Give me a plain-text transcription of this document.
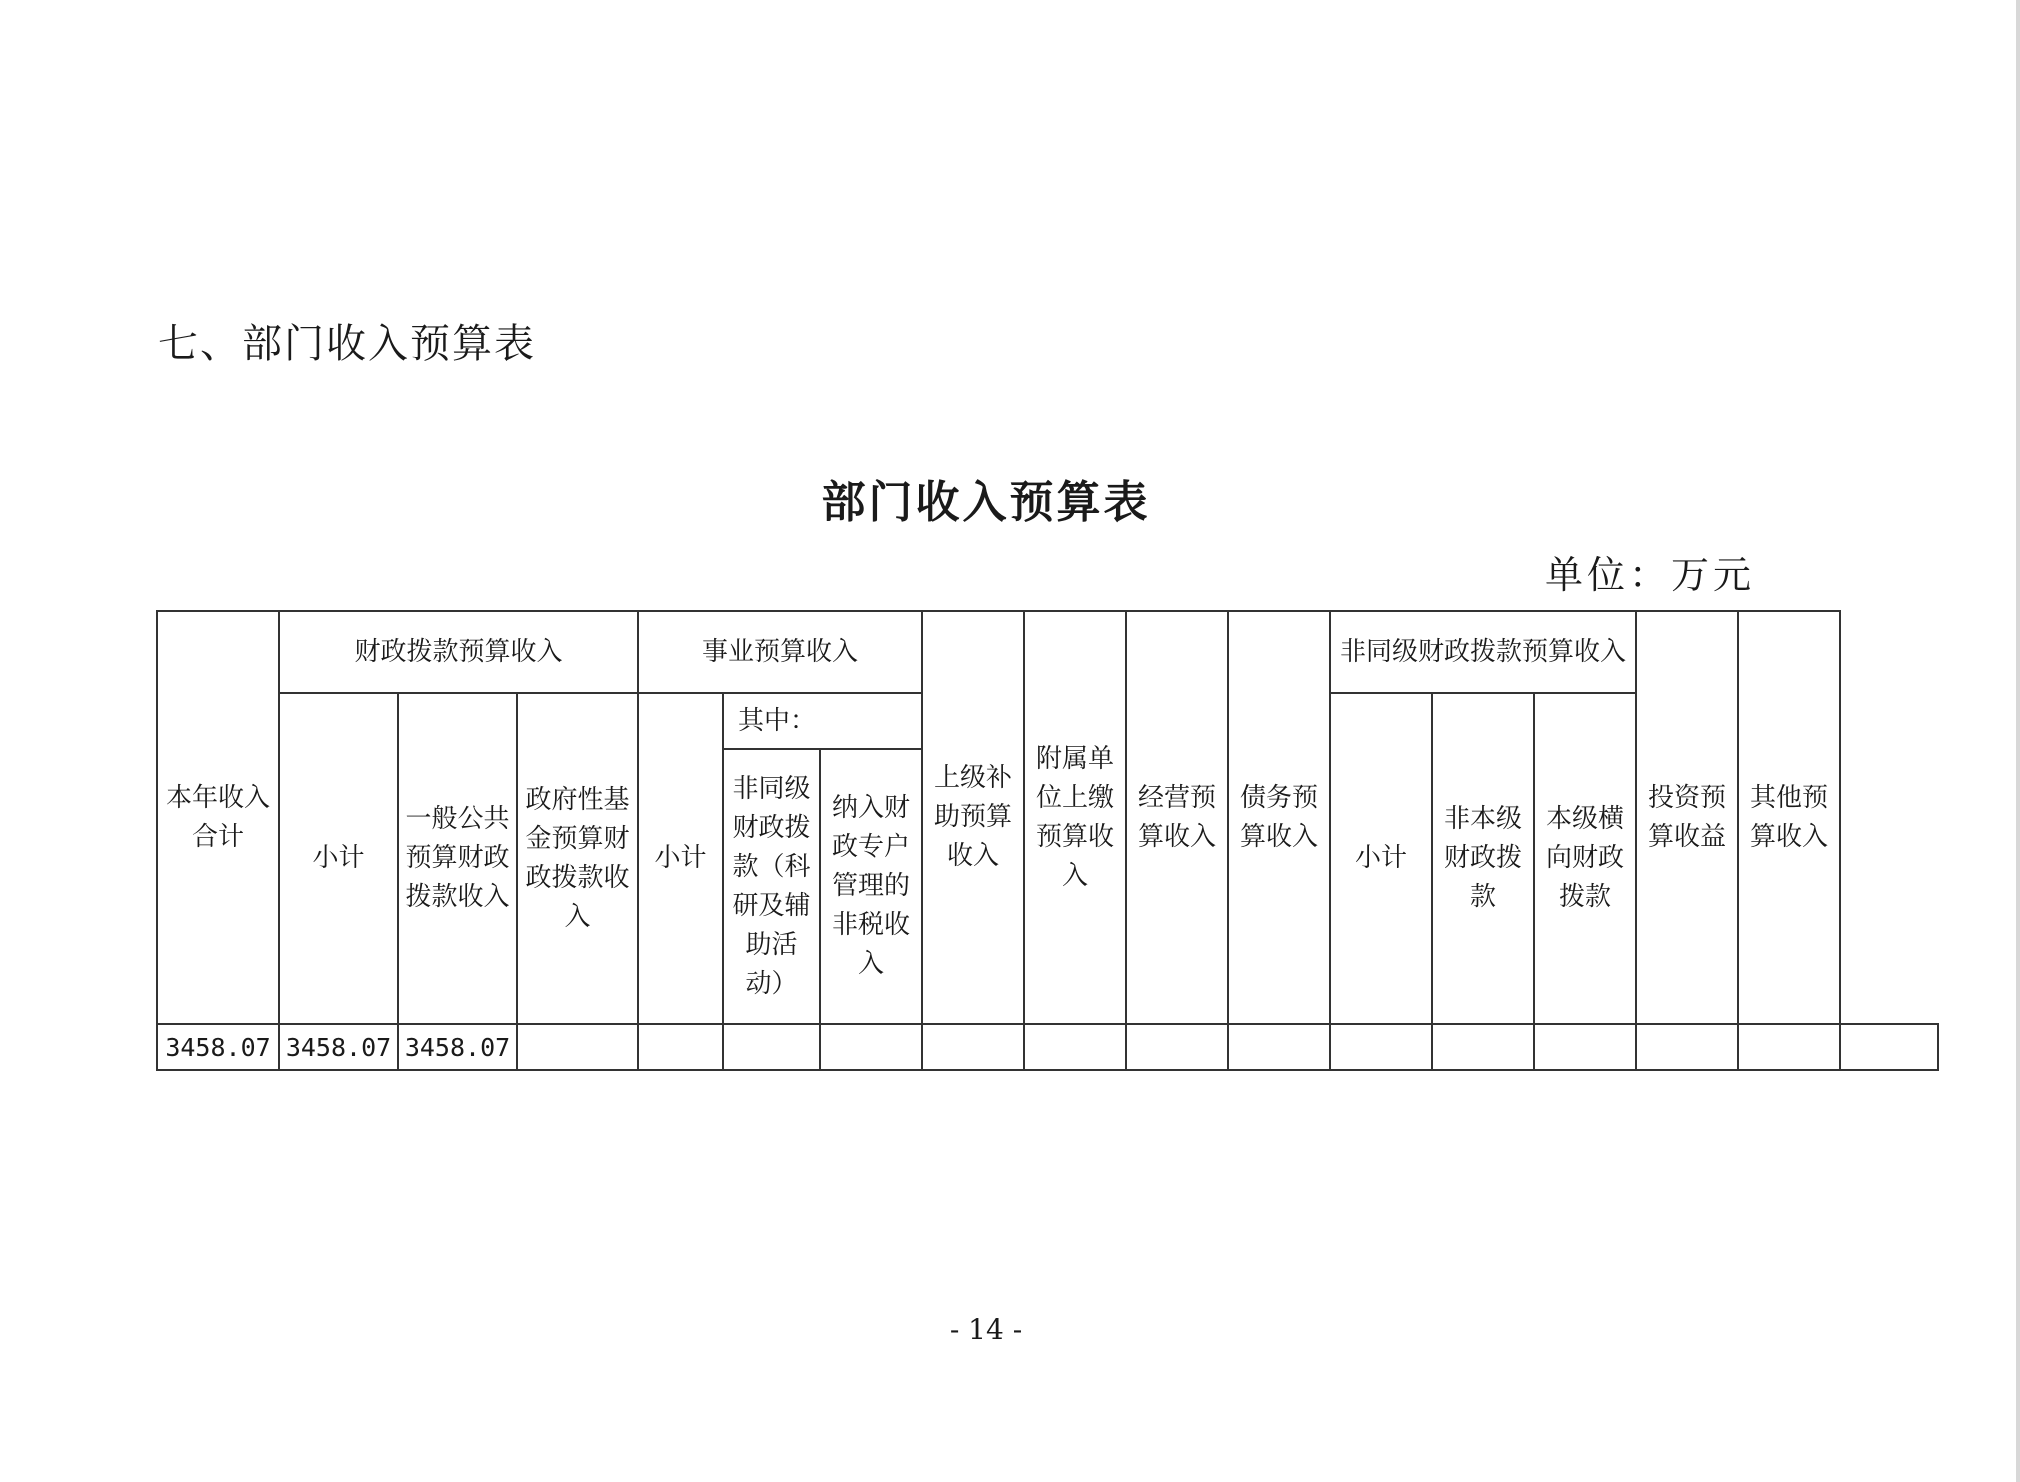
七、部门收入预算表
部门收入预算表
单位：万元
本年收入合计	财政拨款预算收入			事业预算收入			上级补助预算收入	附属单位上缴预算收入	经营预算收入	债务预算收入	非同级财政拨款预算收入			投资预算收益	其他预算收入	
	小计	一般公共预算财政拨款收入	政府性基金预算财政拨款收入	小计	其中：						小计	非本级财政拨款	本级横向财政拨款			
					非同级财政拨款（科研及辅助活动）	纳入财政专户管理的非税收入										
3458.07	3458.07	3458.07														
- 14 -
